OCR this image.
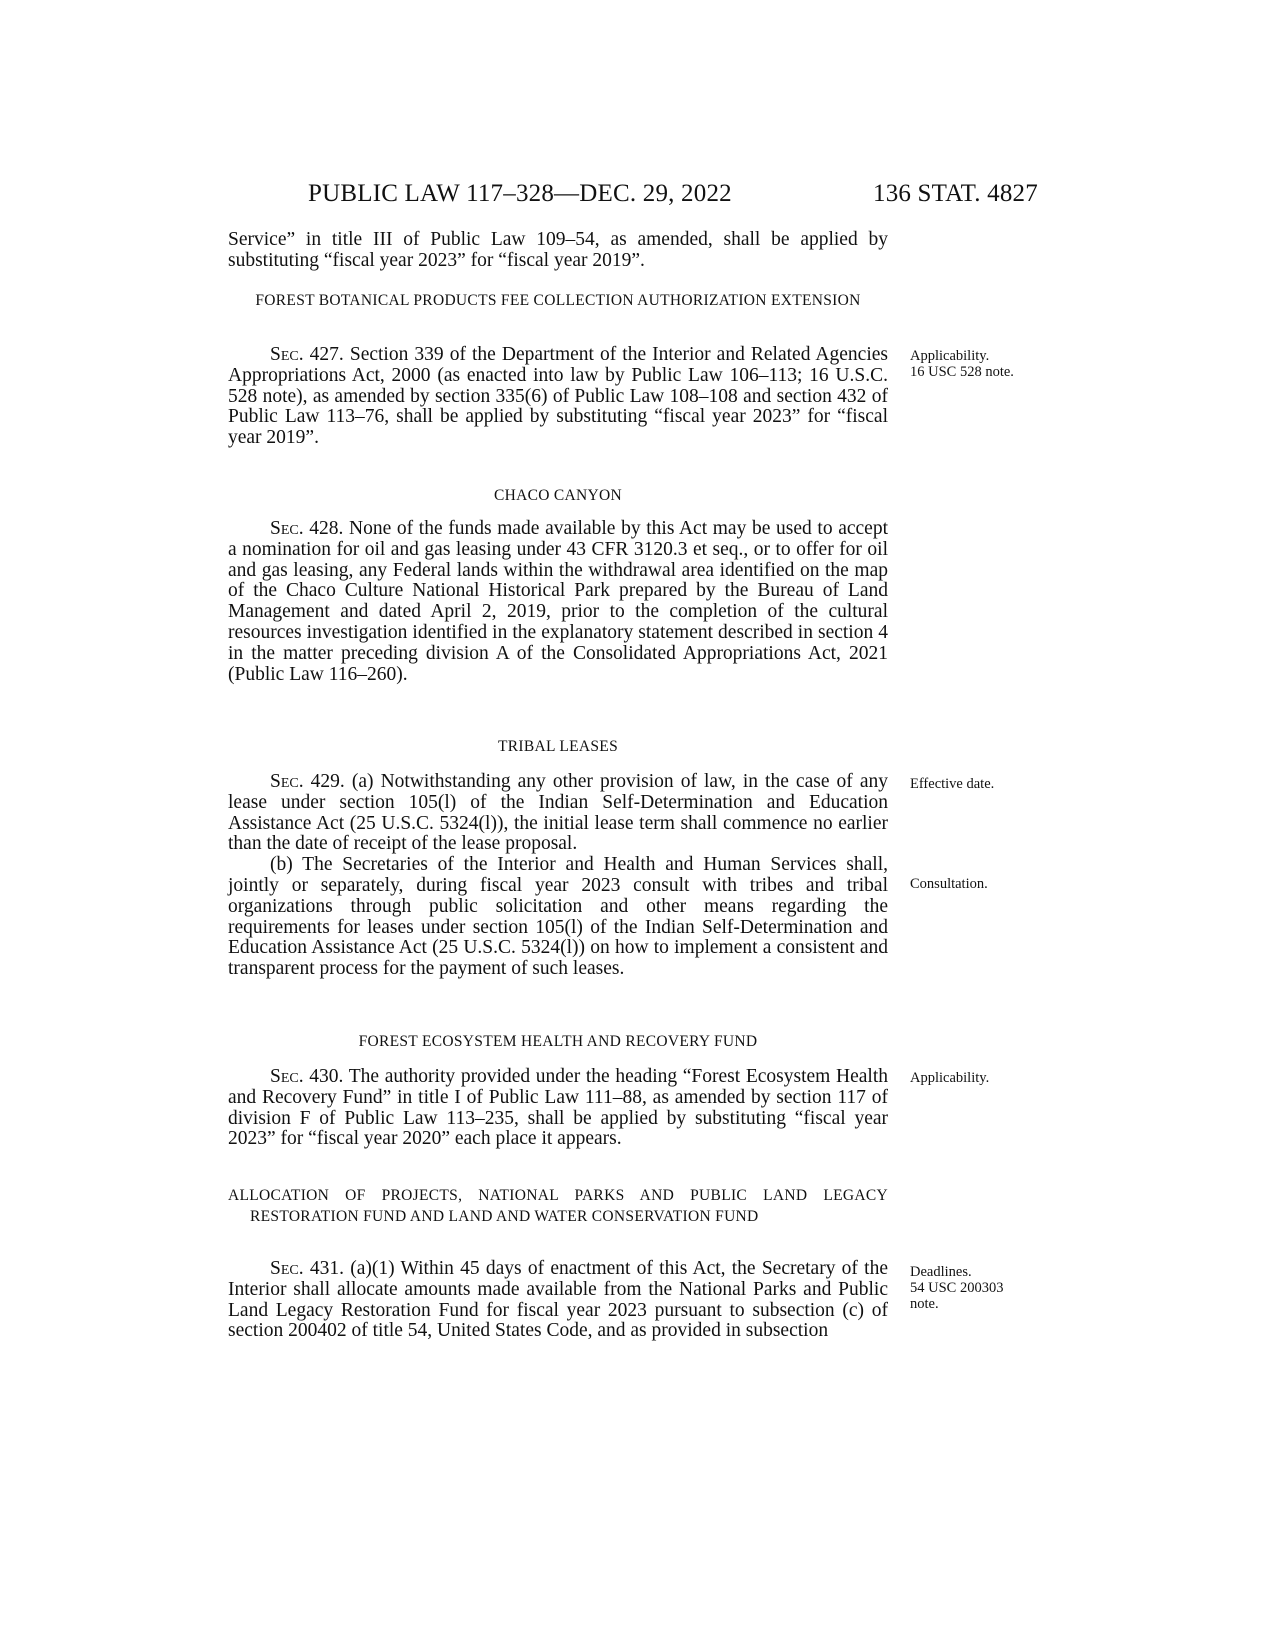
PUBLIC LAW 117–328—DEC. 29, 2022	136 STAT. 4827

Service” in title III of Public Law 109–54, as amended, shall be applied by substituting “fiscal year 2023” for “fiscal year 2019”.

FOREST BOTANICAL PRODUCTS FEE COLLECTION AUTHORIZATION EXTENSION

Sec. 427. Section 339 of the Department of the Interior and Related Agencies Appropriations Act, 2000 (as enacted into law by Public Law 106–113; 16 U.S.C. 528 note), as amended by section 335(6) of Public Law 108–108 and section 432 of Public Law 113–76, shall be applied by substituting “fiscal year 2023” for “fiscal year 2019”.

Applicability.
16 USC 528 note.
CHACO CANYON

Sec. 428. None of the funds made available by this Act may be used to accept a nomination for oil and gas leasing under 43 CFR 3120.3 et seq., or to offer for oil and gas leasing, any Federal lands within the withdrawal area identified on the map of the Chaco Culture National Historical Park prepared by the Bureau of Land Management and dated April 2, 2019, prior to the completion of the cultural resources investigation identified in the explanatory statement described in section 4 in the matter preceding division A of the Consolidated Appropriations Act, 2021 (Public Law 116–260).

TRIBAL LEASES

Sec. 429. (a) Notwithstanding any other provision of law, in the case of any lease under section 105(l) of the Indian Self-Determination and Education Assistance Act (25 U.S.C. 5324(l)), the initial lease term shall commence no earlier than the date of receipt of the lease proposal.

(b) The Secretaries of the Interior and Health and Human Services shall, jointly or separately, during fiscal year 2023 consult with tribes and tribal organizations through public solicitation and other means regarding the requirements for leases under section 105(l) of the Indian Self-Determination and Education Assistance Act (25 U.S.C. 5324(l)) on how to implement a consistent and transparent process for the payment of such leases.

Effective date.
Consultation.
FOREST ECOSYSTEM HEALTH AND RECOVERY FUND

Sec. 430. The authority provided under the heading “Forest Ecosystem Health and Recovery Fund” in title I of Public Law 111–88, as amended by section 117 of division F of Public Law 113–235, shall be applied by substituting “fiscal year 2023” for “fiscal year 2020” each place it appears.

Applicability.
ALLOCATION OF PROJECTS, NATIONAL PARKS AND PUBLIC LAND LEGACY RESTORATION FUND AND LAND AND WATER CONSERVATION FUND

Sec. 431. (a)(1) Within 45 days of enactment of this Act, the Secretary of the Interior shall allocate amounts made available from the National Parks and Public Land Legacy Restoration Fund for fiscal year 2023 pursuant to subsection (c) of section 200402 of title 54, United States Code, and as provided in subsection

Deadlines.
54 USC 200303
note.
